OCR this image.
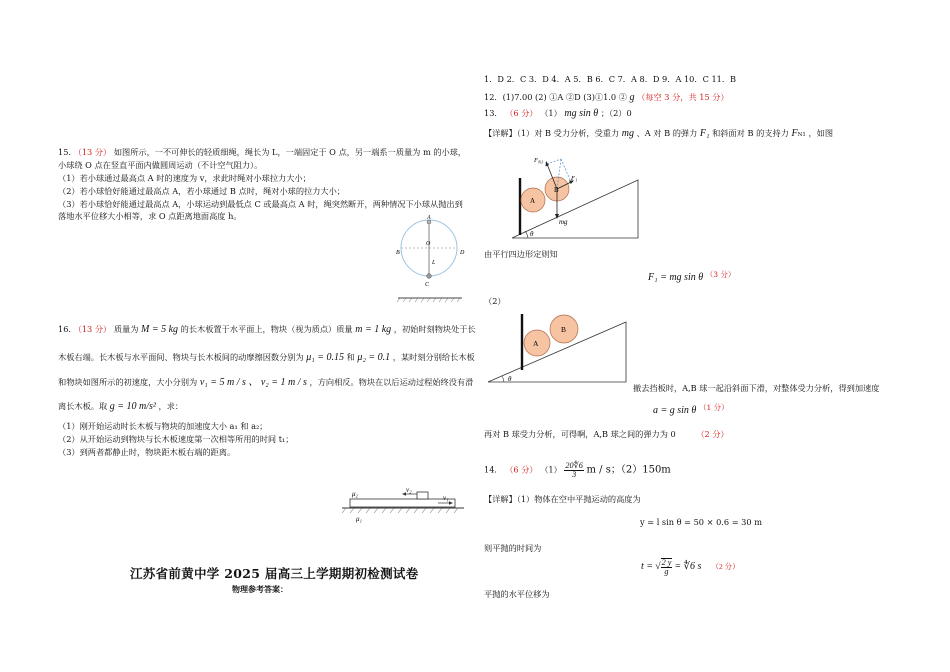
15. （13 分） 如图所示，一不可伸长的轻质细绳，绳长为 L，一端固定于 O 点，另一端系一质量为 m 的小球，
小球绕 O 点在竖直平面内做圆周运动（不计空气阻力）。
（1）若小球通过最高点 A 时的速度为 v，求此时绳对小球拉力大小；
（2）若小球恰好能通过最高点 A，若小球通过 B 点时，绳对小球的拉力大小；
（3）若小球恰好能通过最高点 A，小球运动到最低点 C 或最高点 A 时，绳突然断开，两种情况下小球从抛出到
落地水平位移大小相等，求 O 点距离地面高度 h。	A
B
O
L
D
C
16. （13 分） 质量为 M = 5 kg 的长木板置于水平面上，物块（视为质点）质量 m = 1 kg ，初始时刻物块处于长
木板右端。长木板与水平面间、物块与长木板间的动摩擦因数分别为 μ₁ = 0.15 和 μ₂ = 0.1 ，某时刻分别给长木板
和物块如图所示的初速度，大小分别为 v₁ = 5 m / s 、 v₂ = 1 m / s ，方向相反。物块在以后运动过程始终没有滑
离长木板。取 g = 10 m/s² ，求：
（1）刚开始运动时长木板与物块的加速度大小 a₁ 和 a₂；
（2）从开始运动到物块与长木板速度第一次相等所用的时间 t₁；
（3）到两者都静止时，物块距木板右端的距离。
μ₂	v₂
v₁
μ₁
江苏省前黄中学 2025 届高三上学期期初检测试卷
物理参考答案：
1．D 2．C 3．D 4．A 5．B 6．C 7．A 8．D 9．A 10．C 11．B
12．(1)7.00 (2) ①A ②D (3)①1.0 ② g （每空 3 分，共 15 分）
13． （6 分） （1） mg sin θ ；（2）0
【详解】（1）对 B 受力分析，受重力 mg 、A 对 B 的弹力 F₁ 和斜面对 B 的支持力 FN1 ，如图
$F_{N1}$
F₁
A
B
mg
θ
由平行四边形定则知
F₁ = mg sin θ （3 分）
（2）
A
B
θ
撤去挡板时，A,B 球一起沿斜面下滑，对整体受力分析，得到加速度
a = g sin θ （1 分）
再对 B 球受力分析，可得啊，A,B 球之间的弹力为 0	（2 分）
14． （6 分） $(1) \frac{20∜6}{3}$ m / s；（2）150m
【详解】（1）物体在空中平抛运动的高度为
y = l sin θ = 50 × 0.6 = 30 m
则平抛的时间为
t = √ $\frac{2 y}{g}$ = ∜6 s （2 分）
平抛的水平位移为
